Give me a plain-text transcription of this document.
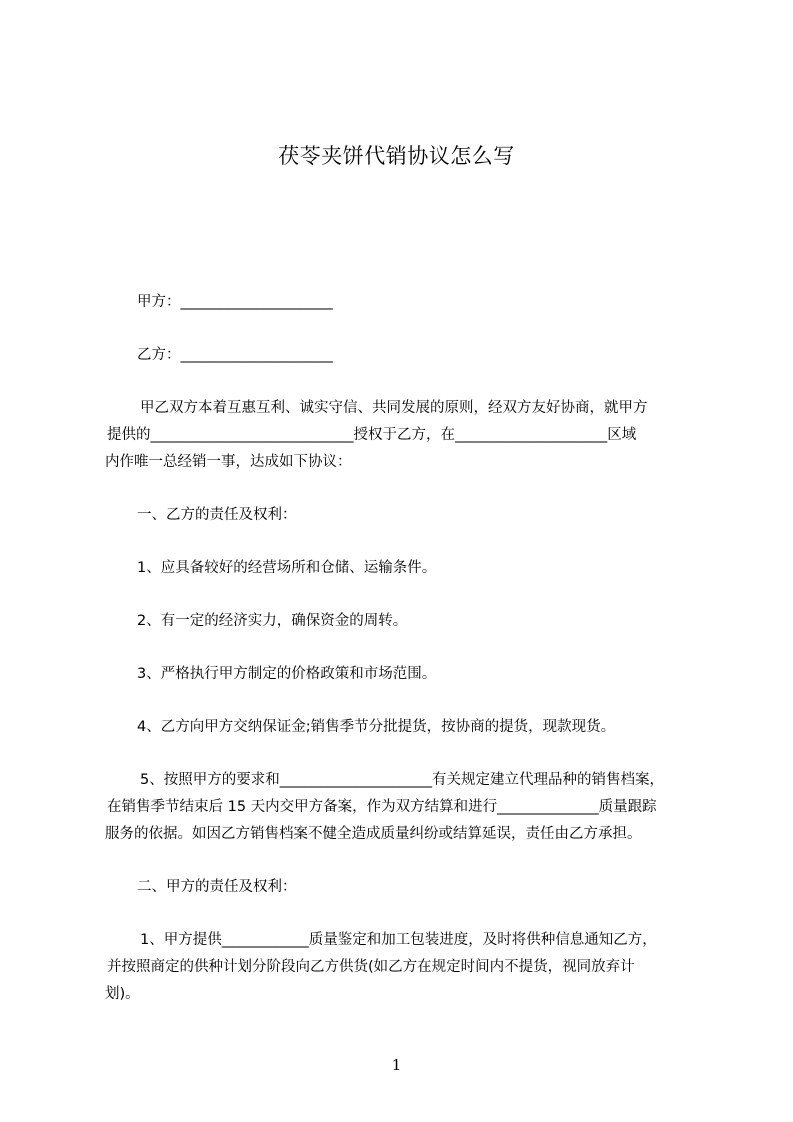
茯苓夹饼代销协议怎么写
甲方：_____________________
乙方：_____________________
甲乙双方本着互惠互利、诚实守信、共同发展的原则，经双方友好协商，就甲方
提供的____________________________授权于乙方，在_____________________区域
内作唯一总经销一事，达成如下协议：
一、乙方的责任及权利：
1、应具备较好的经营场所和仓储、运输条件。
2、有一定的经济实力，确保资金的周转。
3、严格执行甲方制定的价格政策和市场范围。
4、乙方向甲方交纳保证金;销售季节分批提货，按协商的提货，现款现货。
5、按照甲方的要求和_____________________有关规定建立代理品种的销售档案，
在销售季节结束后 15 天内交甲方备案，作为双方结算和进行______________质量跟踪
服务的依据。如因乙方销售档案不健全造成质量纠纷或结算延误，责任由乙方承担。
二、甲方的责任及权利：
1、甲方提供____________质量鉴定和加工包装进度，及时将供种信息通知乙方，
并按照商定的供种计划分阶段向乙方供货(如乙方在规定时间内不提货，视同放弃计
划)。
1
